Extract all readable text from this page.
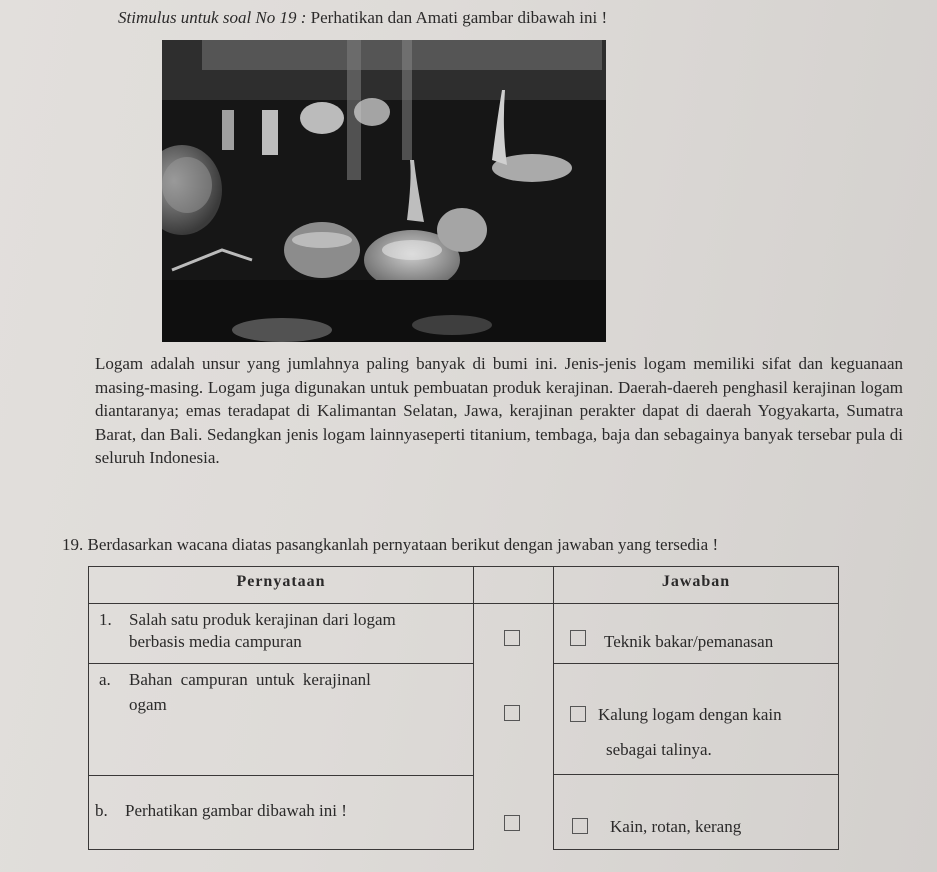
Stimulus untuk soal No 19 : Perhatikan dan Amati gambar dibawah ini !
Logam adalah unsur yang jumlahnya paling banyak di bumi ini. Jenis-jenis logam memiliki sifat dan keguanaan masing-masing. Logam juga digunakan untuk pembuatan produk kerajinan. Daerah-daereh penghasil kerajinan logam diantaranya; emas teradapat di Kalimantan Selatan, Jawa, kerajinan perakter dapat di daerah Yogyakarta, Sumatra Barat, dan Bali. Sedangkan jenis logam lainnyaseperti titanium, tembaga, baja dan sebagainya banyak tersebar pula di seluruh Indonesia.
19. Berdasarkan wacana diatas pasangkanlah pernyataan berikut dengan jawaban yang tersedia !
Pernyataan
1. Salah satu produk kerajinan dari logam
berbasis media campuran
a. Bahan campuran untuk kerajinanl
ogam
b. Perhatikan gambar dibawah ini !
Jawaban
Teknik bakar/pemanasan
Kalung logam dengan kain
sebagai talinya.
Kain, rotan, kerang
